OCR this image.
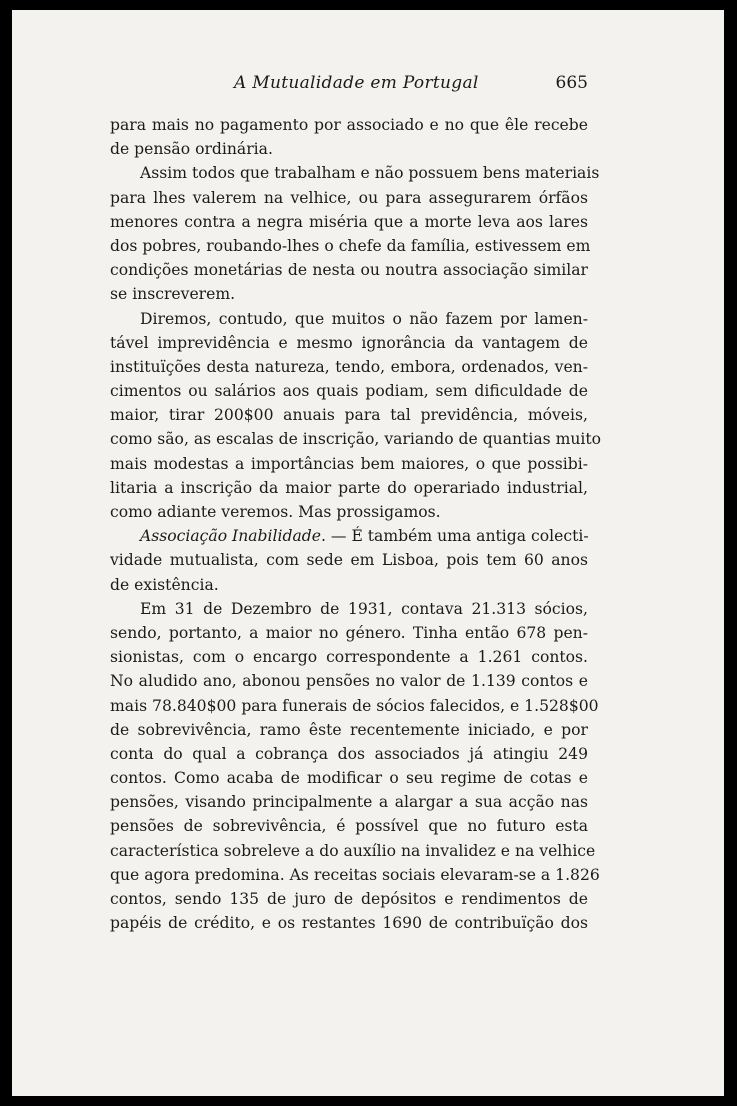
A Mutualidade em Portugal	665
para mais no pagamento por associado e no que êle recebe
de pensão ordinária.
Assim todos que trabalham e não possuem bens materiais
para lhes valerem na velhice, ou para assegurarem órfãos
menores contra a negra miséria que a morte leva aos lares
dos pobres, roubando-lhes o chefe da família, estivessem em
condições monetárias de nesta ou noutra associação similar
se inscreverem.
Diremos, contudo, que muitos o não fazem por lamen-
tável imprevidência e mesmo ignorância da vantagem de
instituïções desta natureza, tendo, embora, ordenados, ven-
cimentos ou salários aos quais podiam, sem dificuldade de
maior, tirar 200$00 anuais para tal previdência, móveis,
como são, as escalas de inscrição, variando de quantias muito
mais modestas a importâncias bem maiores, o que possibi-
litaria a inscrição da maior parte do operariado industrial,
como adiante veremos. Mas prossigamos.
Associação Inabilidade. — É também uma antiga colecti-
vidade mutualista, com sede em Lisboa, pois tem 60 anos
de existência.
Em 31 de Dezembro de 1931, contava 21.313 sócios,
sendo, portanto, a maior no género. Tinha então 678 pen-
sionistas, com o encargo correspondente a 1.261 contos.
No aludido ano, abonou pensões no valor de 1.139 contos e
mais 78.840$00 para funerais de sócios falecidos, e 1.528$00
de sobrevivência, ramo êste recentemente iniciado, e por
conta do qual a cobrança dos associados já atingiu 249
contos. Como acaba de modificar o seu regime de cotas e
pensões, visando principalmente a alargar a sua acção nas
pensões de sobrevivência, é possível que no futuro esta
característica sobreleve a do auxílio na invalidez e na velhice
que agora predomina. As receitas sociais elevaram-se a 1.826
contos, sendo 135 de juro de depósitos e rendimentos de
papéis de crédito, e os restantes 1690 de contribuïção dos
